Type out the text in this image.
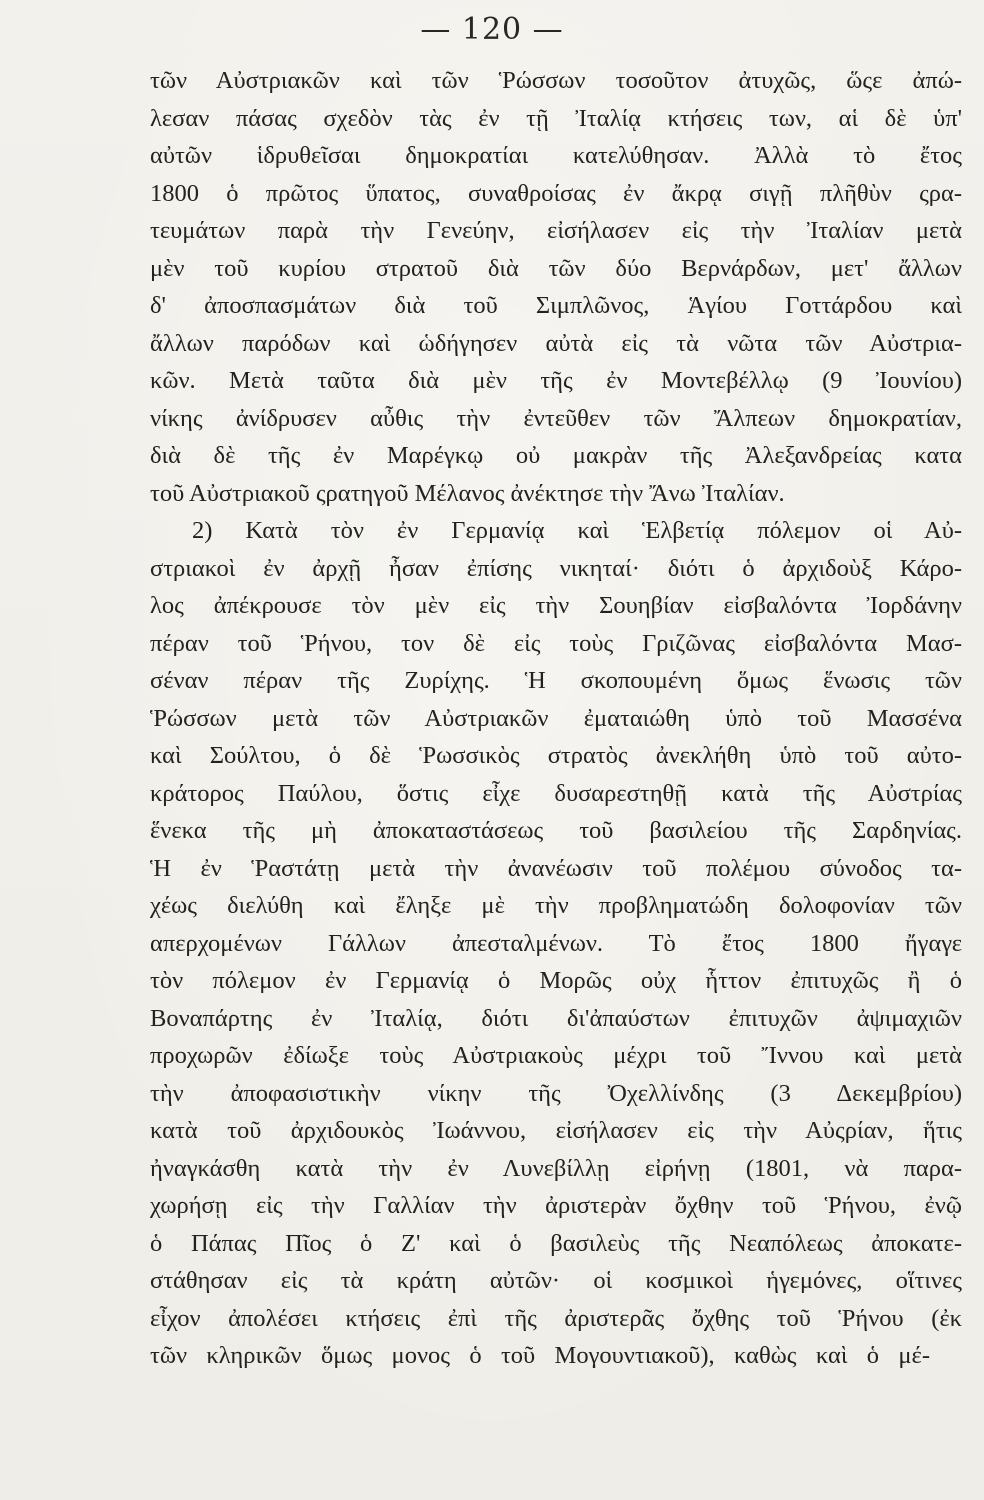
— 120 —
τῶν Αὐστριακῶν καὶ τῶν Ῥώσσων τοσοῦτον ἀτυχῶς, ὥςε ἀπώ-
λεσαν πάσας σχεδὸν τὰς ἐν τῇ Ἰταλίᾳ κτήσεις των, αἱ δὲ ὑπ'
αὐτῶν ἱδρυθεῖσαι δημοκρατίαι κατελύθησαν. Ἀλλὰ τὸ ἔτος
1800 ὁ πρῶτος ὕπατος, συναθροίσας ἐν ἄκρᾳ σιγῇ πλῆθὺν ςρα-
τευμάτων παρὰ τὴν Γενεύην, εἰσήλασεν εἰς τὴν Ἰταλίαν μετὰ
μὲν τοῦ κυρίου στρατοῦ διὰ τῶν δύο Βερνάρδων, μετ' ἄλλων
δ' ἀποσπασμάτων διὰ τοῦ Σιμπλῶνος, Ἁγίου Γοττάρδου καὶ
ἄλλων παρόδων καὶ ὡδήγησεν αὐτὰ εἰς τὰ νῶτα τῶν Αὐστρια-
κῶν. Μετὰ ταῦτα διὰ μὲν τῆς ἐν Μοντεβέλλῳ (9 Ἰουνίου)
νίκης ἀνίδρυσεν αὖθις τὴν ἐντεῦθεν τῶν Ἄλπεων δημοκρατίαν,
διὰ δὲ τῆς ἐν Μαρέγκῳ οὐ μακρὰν τῆς Ἀλεξανδρείας κατα
τοῦ Αὐστριακοῦ ςρατηγοῦ Μέλανος ἀνέκτησε τὴν Ἄνω Ἰταλίαν.
2) Κατὰ τὸν ἐν Γερμανίᾳ καὶ Ἑλβετίᾳ πόλεμον οἱ Αὐ-
στριακοὶ ἐν ἀρχῇ ἦσαν ἐπίσης νικηταί· διότι ὁ ἀρχιδοὺξ Κάρο-
λος ἀπέκρουσε τὸν μὲν εἰς τὴν Σουηβίαν εἰσβαλόντα Ἰορδάνην
πέραν τοῦ Ῥήνου, τον δὲ εἰς τοὺς Γριζῶνας εἰσβαλόντα Μασ-
σέναν πέραν τῆς Ζυρίχης. Ἡ σκοπουμένη ὅμως ἕνωσις τῶν
Ῥώσσων μετὰ τῶν Αὐστριακῶν ἐματαιώθη ὑπὸ τοῦ Μασσένα
καὶ Σούλτου, ὁ δὲ Ῥωσσικὸς στρατὸς ἀνεκλήθη ὑπὸ τοῦ αὐτο-
κράτορος Παύλου, ὅστις εἶχε δυσαρεστηθῇ κατὰ τῆς Αὐστρίας
ἕνεκα τῆς μὴ ἀποκαταστάσεως τοῦ βασιλείου τῆς Σαρδηνίας.
Ἡ ἐν Ῥαστάτῃ μετὰ τὴν ἀνανέωσιν τοῦ πολέμου σύνοδος τα-
χέως διελύθη καὶ ἔληξε μὲ τὴν προβληματώδη δολοφονίαν τῶν
απερχομένων Γάλλων ἀπεσταλμένων. Τὸ ἔτος 1800 ἤγαγε
τὸν πόλεμον ἐν Γερμανίᾳ ὁ Μορῶς οὐχ ἧττον ἐπιτυχῶς ἢ ὁ
Βοναπάρτης ἐν Ἰταλίᾳ, διότι δι'ἀπαύστων ἐπιτυχῶν ἀψιμαχιῶν
προχωρῶν ἐδίωξε τοὺς Αὐστριακοὺς μέχρι τοῦ Ἴννου καὶ μετὰ
τὴν ἀποφασιστικὴν νίκην τῆς Ὀχελλίνδης (3 Δεκεμβρίου)
κατὰ τοῦ ἀρχιδουκὸς Ἰωάννου, εἰσήλασεν εἰς τὴν Αὐςρίαν, ἥτις
ἠναγκάσθη κατὰ τὴν ἐν Λυνεβίλλῃ εἰρήνῃ (1801, νὰ παρα-
χωρήσῃ εἰς τὴν Γαλλίαν τὴν ἀριστερὰν ὄχθην τοῦ Ῥήνου, ἐνῷ
ὁ Πάπας Πῖος ὁ Ζ' καὶ ὁ βασιλεὺς τῆς Νεαπόλεως ἀποκατε-
στάθησαν εἰς τὰ κράτη αὐτῶν· οἱ κοσμικοὶ ἡγεμόνες, οἵτινες
εἶχον ἀπολέσει κτήσεις ἐπὶ τῆς ἀριστερᾶς ὄχθης τοῦ Ῥήνου (ἐκ
τῶν κληρικῶν ὅμως μονος ὁ τοῦ Μογουντιακοῦ), καθὼς καὶ ὁ μέ-
